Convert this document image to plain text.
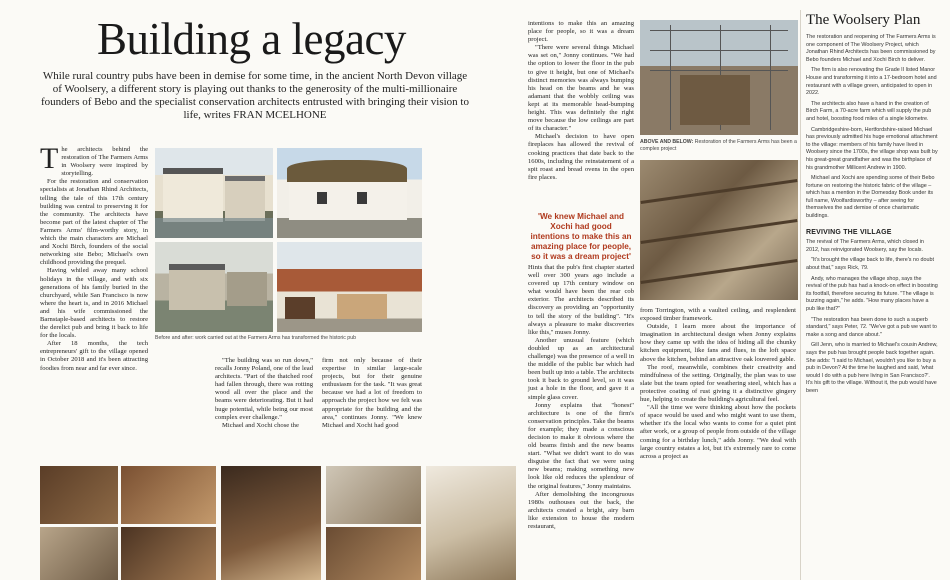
Building a legacy
While rural country pubs have been in demise for some time, in the ancient North Devon village of Woolsery, a different story is playing out thanks to the generosity of the multi-millionaire founders of Bebo and the specialist conservation architects entrusted with bringing their vision to life, writes FRAN MCELHONE
T he architects behind the restoration of The Farmers Arms in Woolsery were inspired by storytelling.

For the restoration and conservation specialists at Jonathan Rhind Architects, telling the tale of this 17th century building was central to preserving it for the community. The architects have become part of the latest chapter of The Farmers Arms' film-worthy story, in which the main characters are Michael and Xochi Birch, founders of the social networking site Bebo; Michael's own childhood providing the prequel.

Having whiled away many school holidays in the village, and with six generations of his family buried in the churchyard, while San Francisco is now where the heart is, and in 2016 Michael and his wife commissioned the Barnstaple-based architects to restore the derelict pub and bring it back to life for the locals.

After 18 months, the tech entrepreneurs' gift to the village opened in October 2018 and it's been attracting foodies from near and far ever since.

Before and after: work carried out at the Farmers Arms has transformed the historic pub

"The building was so run down," recalls Jonny Poland, one of the lead architects. "Part of the thatched roof had fallen through, there was rotting wood all over the place and the beams were deteriorating. But it had huge potential, while being our most complex ever challenge."

Michael and Xochi chose the

firm not only because of their expertise in similar large-scale projects, but for their genuine enthusiasm for the task. "It was great because we had a lot of freedom to approach the project how we felt was appropriate for the building and the area," continues Jonny. "We knew Michael and Xochi had good

intentions to make this an amazing place for people, so it was a dream project.

"There were several things Michael was set on," Jonny continues. "We had the option to lower the floor in the pub to give it height, but one of Michael's distinct memories was always bumping his head on the beams and he was adamant that the wobbly ceiling was kept at its memorable head-bumping height. This was definitely the right move because the low ceilings are part of its character."

Michael's decision to have open fireplaces has allowed the revival of cooking practices that date back to the 1600s, including the reinstatement of a spit roast and bread ovens in the open fire places.

'We knew Michael and Xochi had good intentions to make this an amazing place for people, so it was a dream project'

Hints that the pub's first chapter started well over 300 years ago include a covered up 17th century window on what would have been the rear cob exterior. The architects described its discovery as providing an "opportunity to tell the story of the building". "It's always a pleasure to make discoveries like this," muses Jonny.

Another unusual feature (which doubled up as an architectural challenge) was the presence of a well in the middle of the public bar which had been built up into a table. The architects took it back to ground level, so it was just a hole in the floor, and gave it a simple glass cover.

Jonny explains that "honest" architecture is one of the firm's conservation principles. Take the beams for example; they made a conscious decision to make it obvious where the old beams finish and the new beams start. "What we didn't want to do was disguise the fact that we were using new beams; making something new look like old reduces the splendour of the original features," Jonny maintains.

After demolishing the incongruous 1980s outhouses out the back, the architects created a bright, airy barn like extension to house the modern restaurant,

ABOVE AND BELOW: Restoration of the Farmers Arms has been a complex project

from Torrington, with a vaulted ceiling, and resplendent exposed timber framework.

Outside, I learn more about the importance of imagination in architectural design when Jonny explains how they came up with the idea of hiding all the chunky kitchen equipment, like fans and flues, in the loft space above the kitchen, behind an attractive oak louvered gable.

The roof, meanwhile, combines their creativity and mindfulness of the setting. Originally, the plan was to use slate but the team opted for weathering steel, which has a protective coating of rust giving it a distinctive gingery hue, helping to create the building's agricultural feel.

"All the time we were thinking about how the pockets of space would be used and who might want to use them, whether it's the local who wants to come for a quiet pint after work, or a group of people from outside of the village coming for a birthday lunch," adds Jonny. "We deal with large country estates a lot, but it's extremely rare to come across a project as

The Woolsery Plan

The restoration and reopening of The Farmers Arms is one component of The Woolsery Project, which Jonathan Rhind Architects has been commissioned by Bebo founders Michael and Xochi Birch to deliver.

The firm is also renovating the Grade II listed Manor House and transforming it into a 17-bedroom hotel and restaurant with a village green, anticipated to open in 2022.

The architects also have a hand in the creation of Birch Farm, a 70-acre farm which will supply the pub and hotel, boosting food miles of a single kilometre.

Cambridgeshire-born, Hertfordshire-raised Michael has previously admitted his huge emotional attachment to the village: members of his family have lived in Woolsery since the 1700s, the village shop was built by his great-great grandfather and was the birthplace of his grandmother Millicent Andrew in 1900.

Michael and Xochi are spending some of their Bebo fortune on restoring the historic fabric of the village – which has a mention in the Domesday Book under its full name, Woolfardisworthy – after seeing for themselves the sad demise of once charismatic buildings.

REVIVING THE VILLAGE

The revival of The Farmers Arms, which closed in 2012, has reinvigorated Woolsery, say the locals.

"It's brought the village back to life, there's no doubt about that," says Rick, 79.

Andy, who manages the village shop, says the revival of the pub has had a knock-on effect in boosting its footfall, therefore securing its future. "The village is buzzing again," he adds. "How many places have a pub like that?"

"The restoration has been done to such a superb standard," says Peter, 72. "We've got a pub we want to make a song and dance about."

Gill Jenn, who is married to Michael's cousin Andrew, says the pub has brought people back together again. She adds: "I said to Michael, wouldn't you like to buy a pub in Devon? At the time he laughed and said, 'what would I do with a pub here living in San Francisco?'. It's his gift to the village. Without it, the pub would have been
